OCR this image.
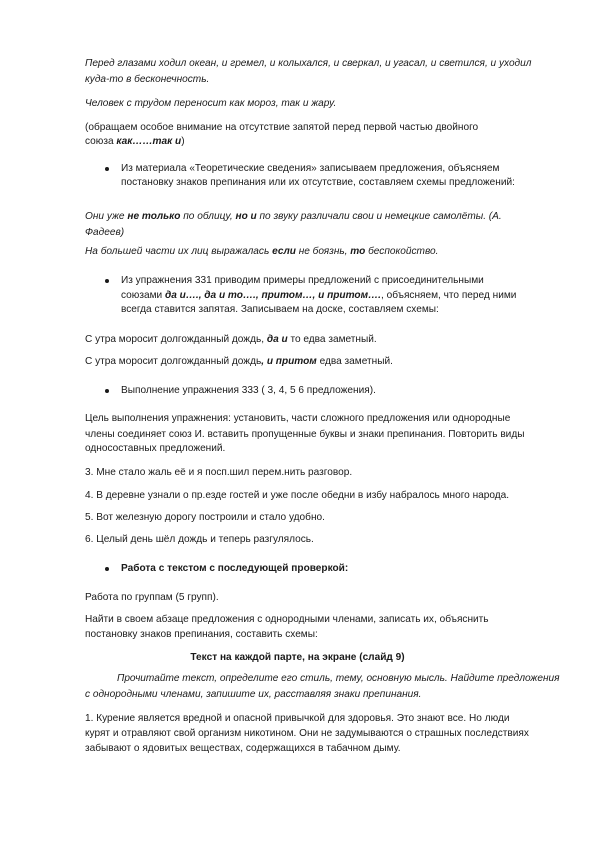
Перед глазами ходил океан, и гремел, и колыхался, и сверкал, и угасал, и светился, и уходил
куда-то в бесконечность.
Человек с трудом переносит как мороз, так и жару.
(обращаем особое внимание на отсутствие запятой перед первой частью двойного
союза как……так и)
Из материала «Теоретические сведения» записываем предложения, объясняем
постановку знаков препинания или их отсутствие, составляем схемы предложений:
Они уже не только по облицу, но и по звуку различали свои и немецкие самолёты. (А.
Фадеев)
На большей части их лиц выражалась если не боязнь, то беспокойство.
Из упражнения 331 приводим примеры предложений с присоединительными
союзами да и…., да и то…., притом…, и притом…., объясняем, что перед ними
всегда ставится запятая. Записываем на доске, составляем схемы:
С утра моросит долгожданный дождь, да и то едва заметный.
С утра моросит долгожданный дождь, и притом едва заметный.
Выполнение упражнения 333 ( 3, 4, 5 6 предложения).
Цель выполнения упражнения: установить, части сложного предложения или однородные
члены соединяет союз И. вставить пропущенные буквы и знаки препинания. Повторить виды
односоставных предложений.
3. Мне стало жаль её и я посп.шил перем.нить разговор.
4. В деревне узнали о пр.езде гостей и уже после обедни в избу набралось много народа.
5. Вот железную дорогу построили и стало удобно.
6. Целый день шёл дождь и теперь разгулялось.
Работа с текстом с последующей проверкой:
Работа по группам (5 групп).
Найти в своем абзаце предложения с однородными членами, записать их, объяснить
постановку знаков препинания, составить схемы:
Текст на каждой парте, на экране (слайд 9)
Прочитайте текст, определите его стиль, тему, основную мысль. Найдите предложения
с однородными членами, запишите их, расставляя знаки препинания.
1. Курение является вредной и опасной привычкой для здоровья. Это знают все. Но люди
курят и отравляют свой организм никотином. Они не задумываются о страшных последствиях
забывают о ядовитых веществах, содержащихся в табачном дыму.
